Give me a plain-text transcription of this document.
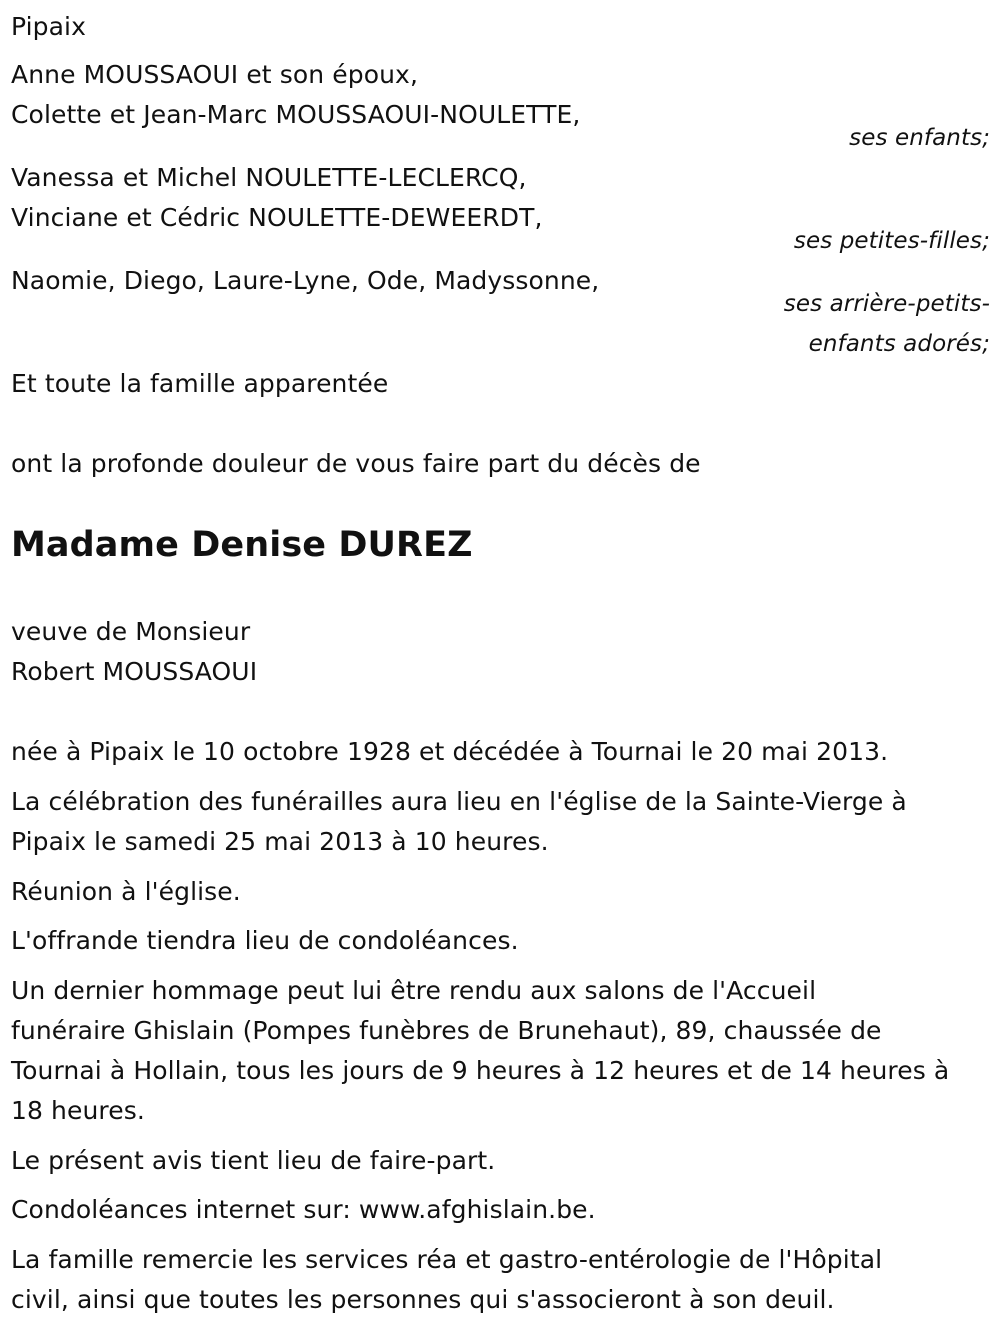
Pipaix
Anne MOUSSAOUI et son époux,
Colette et Jean-Marc MOUSSAOUI-NOULETTE,
ses enfants;
Vanessa et Michel NOULETTE-LECLERCQ,
Vinciane et Cédric NOULETTE-DEWEERDT,
ses petites-filles;
Naomie, Diego, Laure-Lyne, Ode, Madyssonne,
ses arrière-petits-
enfants adorés;
Et toute la famille apparentée
ont la profonde douleur de vous faire part du décès de
Madame Denise DUREZ
veuve de Monsieur
Robert MOUSSAOUI
née à Pipaix le 10 octobre 1928 et décédée à Tournai le 20 mai 2013.
La célébration des funérailles aura lieu en l'église de la Sainte-Vierge à
Pipaix le samedi 25 mai 2013 à 10 heures.
Réunion à l'église.
L'offrande tiendra lieu de condoléances.
Un dernier hommage peut lui être rendu aux salons de l'Accueil
funéraire Ghislain (Pompes funèbres de Brunehaut), 89, chaussée de
Tournai à Hollain, tous les jours de 9 heures à 12 heures et de 14 heures à
18 heures.
Le présent avis tient lieu de faire-part.
Condoléances internet sur: www.afghislain.be.
La famille remercie les services réa et gastro-entérologie de l'Hôpital
civil, ainsi que toutes les personnes qui s'associeront à son deuil.
